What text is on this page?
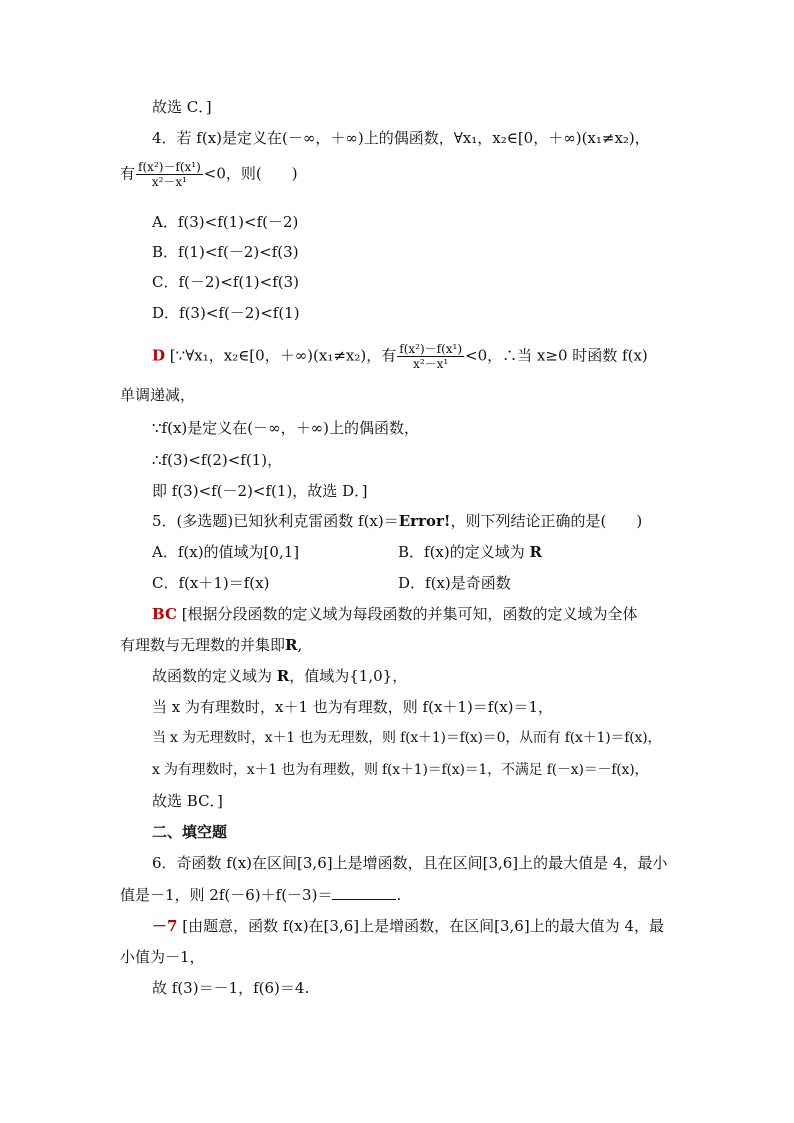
故选 C．]
4．若 f(x)是定义在(－∞，＋∞)上的偶函数，∀x₁，x₂∈[0，＋∞)(x₁≠x₂)，
有 $\frac{\text{f(x²)－f(x¹)}}{\text{x²－x¹}} <0$，则(　　)
A．f(3)<f(1)<f(－2)
B．f(1)<f(－2)<f(3)
C．f(－2)<f(1)<f(3)
D．f(3)<f(－2)<f(1)
D [∵∀x₁，x₂∈[0，＋∞)(x₁≠x₂)，有 $\frac{\text{f(x²)－f(x¹)}}{\text{x²－x¹}} <0$，∴当 x≥0 时函数 f(x)
单调递减，
∵f(x)是定义在(－∞，＋∞)上的偶函数，
∴f(3)<f(2)<f(1)，
即 f(3)<f(－2)<f(1)，故选 D．]
5．(多选题)已知狄利克雷函数 f(x)＝Error!，则下列结论正确的是(　　)
A．f(x)的值域为[0,1]	B．f(x)的定义域为 R
C．f(x＋1)＝f(x)	D．f(x)是奇函数
BC [根据分段函数的定义域为每段函数的并集可知，函数的定义域为全体
有理数与无理数的并集即R,
故函数的定义域为 R，值域为{1,0}，
当 x 为有理数时，x＋1 也为有理数，则 f(x＋1)＝f(x)＝1，
当 x 为无理数时，x＋1 也为无理数，则 f(x＋1)＝f(x)＝0，从而有 f(x＋1)＝f(x)，
x 为有理数时，x＋1 也为有理数，则 f(x＋1)＝f(x)＝1，不满足 f(－x)＝－f(x)，
故选 BC．]
二、填空题
6．奇函数 f(x)在区间[3,6]上是增函数，且在区间[3,6]上的最大值是 4，最小
值是－1，则 2f(－6)＋f(－3)＝	.
－7 [由题意，函数 f(x)在[3,6]上是增函数，在区间[3,6]上的最大值为 4，最
小值为－1，
故 f(3)＝－1，f(6)＝4.
